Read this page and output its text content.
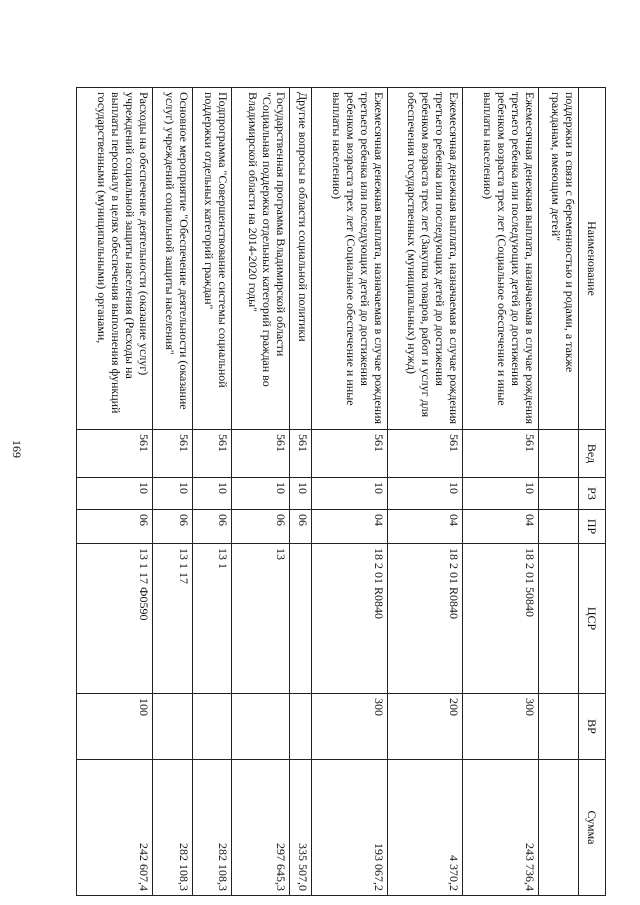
169
Наименование	Вед	РЗ	ПР	ЦСР	ВР	Сумма
поддержки в связи с беременностью и родами, а также гражданам, имеющим детей"						
Ежемесячная денежная выплата, назначаемая в случае рождения третьего ребенка или последующих детей до достижения ребенком возраста трех лет (Социальное обеспечение и иные выплаты населению)	561	10	04	18 2 01 50840	300	243 736,4
Ежемесячная денежная выплата, назначаемая в случае рождения третьего ребенка или последующих детей до достижения ребенком возраста трех лет (Закупка товаров, работ и услуг для обеспечения государственных (муниципальных) нужд)	561	10	04	18 2 01 R0840	200	4 370,2
Ежемесячная денежная выплата, назначаемая в случае рождения третьего ребенка или последующих детей до достижения ребенком возраста трех лет (Социальное обеспечение и иные выплаты населению)	561	10	04	18 2 01 R0840	300	193 067,2
Другие вопросы в области социальной политики	561	10	06			335 507,0
Государственная программа Владимирской области "Социальная поддержка отдельных категорий граждан во Владимирской области на 2014-2020 годы"	561	10	06	13		297 645,3
Подпрограмма "Совершенствование системы социальной поддержки отдельных категорий граждан"	561	10	06	13 1		282 108,3
Основное мероприятие "Обеспечение деятельности (оказание услуг) учреждений социальной защиты населения"	561	10	06	13 1 17		282 108,3
Расходы на обеспечение деятельности (оказание услуг) учреждений социальной защиты населения (Расходы на выплаты персоналу в целях обеспечения выполнения функций государственными (муниципальными) органами,	561	10	06	13 1 17 Ф0590	100	242 607,4
